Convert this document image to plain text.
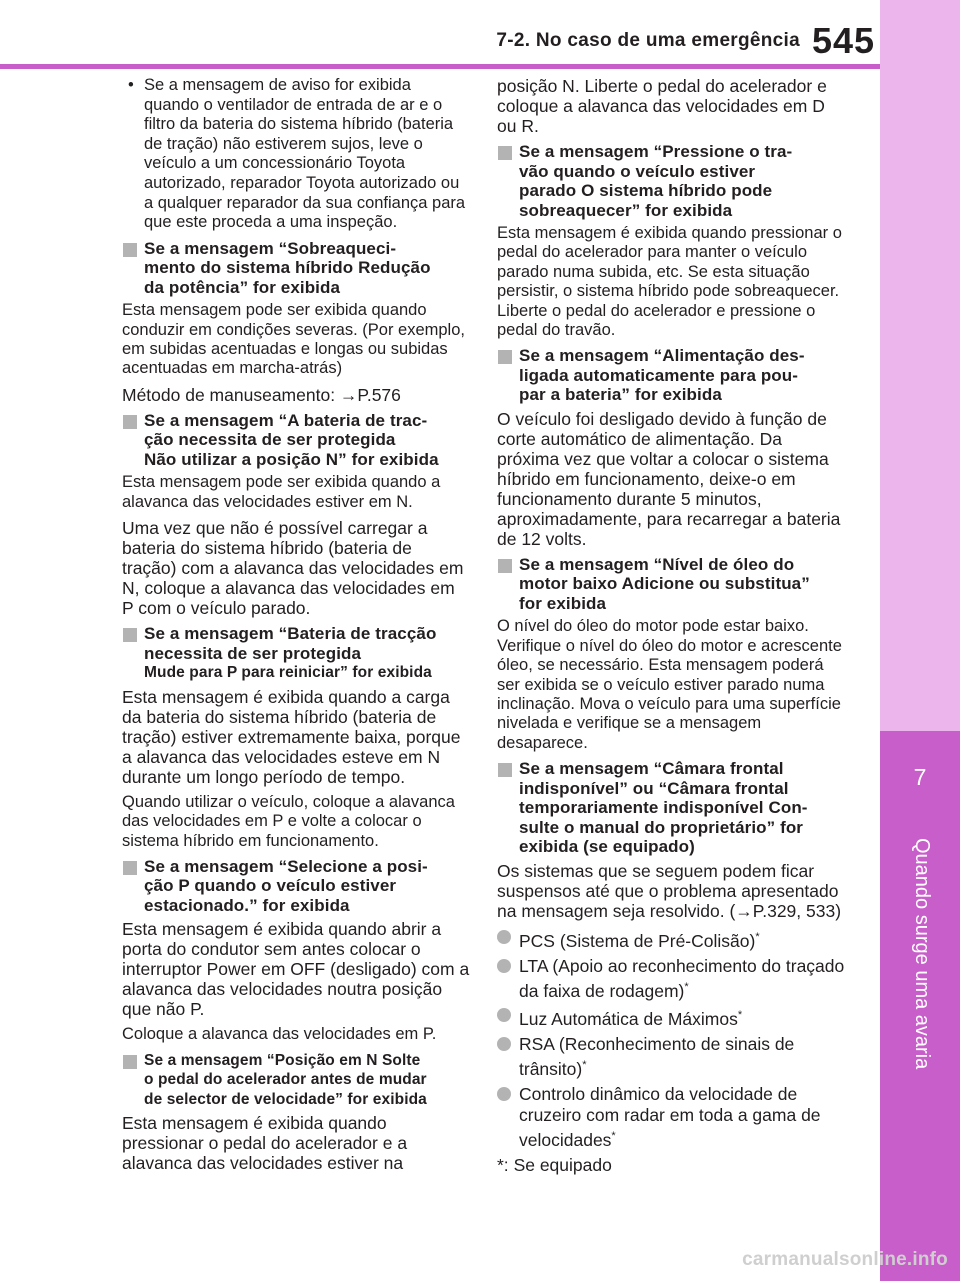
7-2. No caso de uma emergência 545
7
Quando surge uma avaria
• Se a mensagem de aviso for exibida quando o ventilador de entrada de ar e o filtro da bateria do sistema híbrido (bateria de tração) não estiverem sujos, leve o veículo a um concessionário Toyota autorizado, reparador Toyota autorizado ou a qualquer reparador da sua confiança para que este proceda a uma inspeção.
Se a mensagem “Sobreaqueci-
mento do sistema híbrido Redução
da potência” for exibida

Esta mensagem pode ser exibida quando conduzir em condições severas. (Por exemplo, em subidas acentuadas e longas ou subidas acentuadas em marcha-atrás)

Método de manuseamento: →P.576

Se a mensagem “A bateria de trac-
ção necessita de ser protegida
Não utilizar a posição N” for exibida

Esta mensagem pode ser exibida quando a alavanca das velocidades estiver em N.

Uma vez que não é possível carregar a bateria do sistema híbrido (bateria de tração) com a alavanca das velocidades em N, coloque a alavanca das velocidades em P com o veículo parado.

Se a mensagem “Bateria de tracção
necessita de ser protegida
Mude para P para reiniciar” for exibida

Esta mensagem é exibida quando a carga da bateria do sistema híbrido (bateria de tração) estiver extremamente baixa, porque a alavanca das velocidades esteve em N durante um longo período de tempo.

Quando utilizar o veículo, coloque a alavanca das velocidades em P e volte a colocar o sistema híbrido em funcionamento.

Se a mensagem “Selecione a posi-
ção P quando o veículo estiver
estacionado.” for exibida

Esta mensagem é exibida quando abrir a porta do condutor sem antes colocar o interruptor Power em OFF (desligado) com a alavanca das velocidades noutra posição que não P.

Coloque a alavanca das velocidades em P.

Se a mensagem “Posição em N Solte
o pedal do acelerador antes de mudar
de selector de velocidade” for exibida

Esta mensagem é exibida quando pressionar o pedal do acelerador e a alavanca das velocidades estiver na

posição N. Liberte o pedal do acelerador e coloque a alavanca das velocidades em D ou R.

Se a mensagem “Pressione o tra-
vão quando o veículo estiver
parado O sistema híbrido pode
sobreaquecer” for exibida

Esta mensagem é exibida quando pressionar o pedal do acelerador para manter o veículo parado numa subida, etc. Se esta situação persistir, o sistema híbrido pode sobreaquecer. Liberte o pedal do acelerador e pressione o pedal do travão.

Se a mensagem “Alimentação des-
ligada automaticamente para pou-
par a bateria” for exibida

O veículo foi desligado devido à função de corte automático de alimentação. Da próxima vez que voltar a colocar o sistema híbrido em funcionamento, deixe-o em funcionamento durante 5 minutos, aproximadamente, para recarregar a bateria de 12 volts.

Se a mensagem “Nível de óleo do
motor baixo Adicione ou substitua”
for exibida

O nível do óleo do motor pode estar baixo. Verifique o nível do óleo do motor e acrescente óleo, se necessário. Esta mensagem poderá ser exibida se o veículo estiver parado numa inclinação. Mova o veículo para uma superfície nivelada e verifique se a mensagem desaparece.

Se a mensagem “Câmara frontal
indisponível” ou “Câmara frontal
temporariamente indisponível Con-
sulte o manual do proprietário” for
exibida (se equipado)

Os sistemas que se seguem podem ficar suspensos até que o problema apresentado na mensagem seja resolvido. (→P.329, 533)

PCS (Sistema de Pré-Colisão)*
LTA (Apoio ao reconhecimento do traçado da faixa de rodagem)*
Luz Automática de Máximos*
RSA (Reconhecimento de sinais de trânsito)*
Controlo dinâmico da velocidade de cruzeiro com radar em toda a gama de velocidades*
*: Se equipado
carmanualsonline.info
